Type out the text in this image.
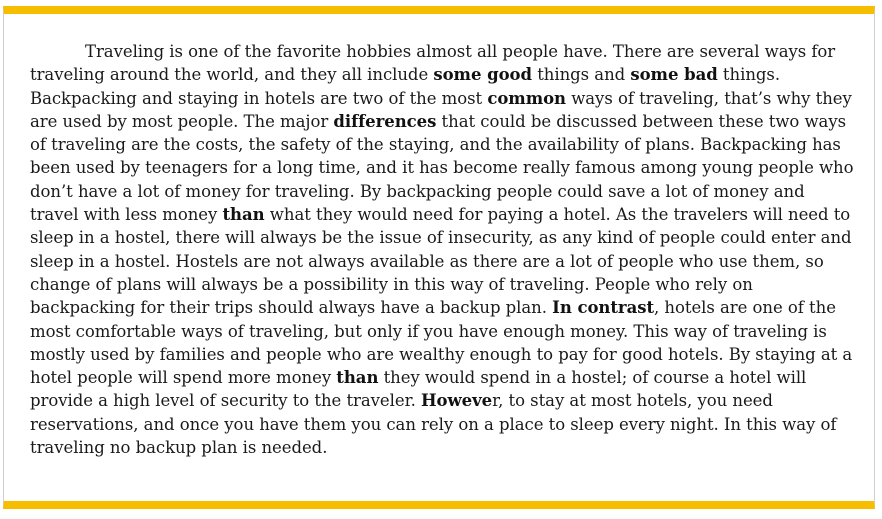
Traveling is one of the favorite hobbies almost all people have. There are several ways for traveling around the world, and they all include some good things and some bad things. Backpacking and staying in hotels are two of the most common ways of traveling, that’s why they are used by most people. The major differences that could be discussed between these two ways of traveling are the costs, the safety of the staying, and the availability of plans. Backpacking has been used by teenagers for a long time, and it has become really famous among young people who don’t have a lot of money for traveling. By backpacking people could save a lot of money and travel with less money than what they would need for paying a hotel. As the travelers will need to sleep in a hostel, there will always be the issue of insecurity, as any kind of people could enter and sleep in a hostel. Hostels are not always available as there are a lot of people who use them, so change of plans will always be a possibility in this way of traveling. People who rely on backpacking for their trips should always have a backup plan. In contrast, hotels are one of the most comfortable ways of traveling, but only if you have enough money. This way of traveling is mostly used by families and people who are wealthy enough to pay for good hotels. By staying at a hotel people will spend more money than they would spend in a hostel; of course a hotel will provide a high level of security to the traveler. However, to stay at most hotels, you need reservations, and once you have them you can rely on a place to sleep every night. In this way of traveling no backup plan is needed.
